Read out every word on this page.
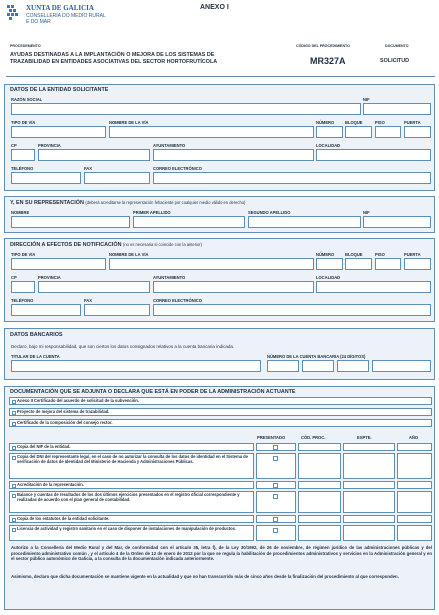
XUNTA DE GALICIA
CONSELLERÍA DO MEDIO RURAL
E DO MAR
ANEXO I
PROCEDEMENTO
AYUDAS DESTINADAS A LA IMPLANTACIÓN O MEJORA DE LOS SISTEMAS DE
TRAZABILIDAD EN ENTIDADES ASOCIATIVAS DEL SECTOR HORTOFRUTÍCOLA
CÓDIGO DEL PROCEDIMIENTO
MR327A
DOCUMENTO
SOLICITUD
DATOS DE LA ENTIDAD SOLICITANTE
RAZÓN SOCIAL	NIF
TIPO DE VÍA	NOMBRE DE LA VÍA	NÚMERO	BLOQUE	PISO	PUERTA
CP	PROVINCIA	AYUNTAMIENTO	LOCALIDAD
TELÉFONO	FAX	CORREO ELECTRÓNICO
Y, EN SU REPRESENTACIÓN (deberá acreditarse la representación fehaciente por cualquier medio válido en derecho)
NOMBRE	PRIMER APELLIDO	SEGUNDO APELLIDO	NIF
DIRECCIÓN A EFECTOS DE NOTIFICACIÓN (no es necesaria si coincide con la anterior)
TIPO DE VÍA	NOMBRE DE LA VÍA	NÚMERO	BLOQUE	PISO	PUERTA
CP	PROVINCIA	AYUNTAMIENTO	LOCALIDAD
TELÉFONO	FAX	CORREO ELECTRÓNICO
DATOS BANCARIOS
Declaro, bajo mi responsabilidad, que son ciertos los datos consignados relativos a la cuenta bancaria indicada.
TITULAR DE LA CUENTA	NÚMERO DE LA CUENTA BANCARIA (24 DÍGITOS)
DOCUMENTACIÓN QUE SE ADJUNTA O DECLARA QUE ESTÁ EN PODER DE LA ADMINISTRACIÓN ACTUANTE
Anexo II Certificado del acuerdo de solicitud de la subvención.
Proyecto de mejora del sistema de trazabilidad.
Certificado de la composición del consejo rector.
PRESENTADO	CÓD. PROC.	EXPTE.	AÑO
Copia del NIF de la entidad.
Copia del DNI del representante legal, en el caso de no autorizar la consulta de los datos de identidad en el Sistema de verificación de datos de Identidad del Ministerio de Hacienda y Administraciones Públicas.
Acreditación de la representación.
Balance y cuentas de resultados de los dos últimos ejercicios presentados en el registro oficial correspondiente y realizadas de acuerdo con el plan general de contabilidad.
Copia de los estatutos de la entidad solicitante.
Licencia de actividad y registro sanitario en el caso de disponer de instalaciones de manipulación de productos.
Autorizo a la Consellería del Medio Rural y del Mar, de conformidad con el artículo 35, letra f), de la Ley 30/1992, de 26 de noviembre, de régimen jurídico de las administraciones públicas y del procedimiento administrativo común , y el artículo 4 de la Orden de 12 de enero de 2012 por la que se regula la habilitación de procedimientos administrativos y servicios en la Administración general y en el sector público autonómico de Galicia, a la consulta de la documentación indicada anteriormente.
Asimismo, declaro que dicha documentación se mantiene vigente en la actualidad y que no han transcurrido más de cinco años desde la finalización del procedimiento al que corresponden.
